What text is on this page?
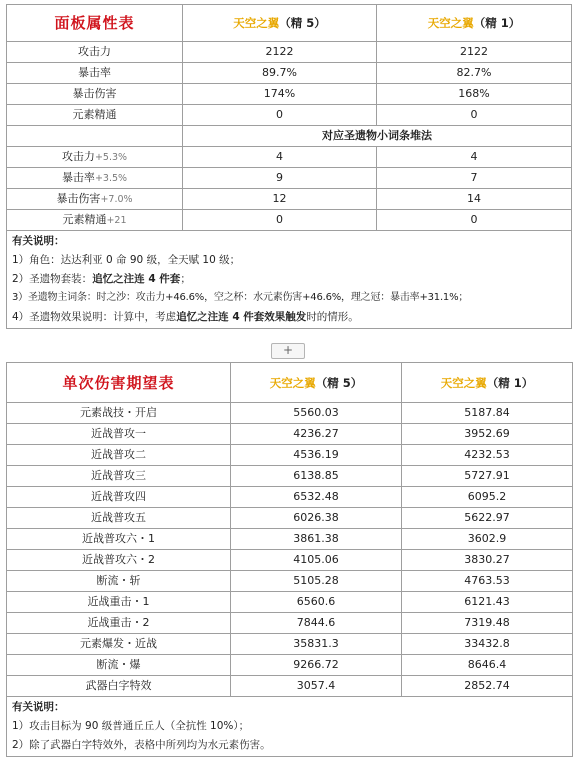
面板属性表	天空之翼（精 5）	天空之翼（精 1）
攻击力	2122	2122
暴击率	89.7%	82.7%
暴击伤害	174%	168%
元素精通	0	0
	对应圣遗物小词条堆法	
攻击力+5.3%	4	4
暴击率+3.5%	9	7
暴击伤害+7.0%	12	14
元素精通+21	0	0

有关说明：
1）角色：达达利亚 0 命 90 级，全天赋 10 级；
2）圣遗物套装：追忆之注连 4 件套；
3）圣遗物主词条：时之沙：攻击力+46.6%，空之杯：水元素伤害+46.6%，理之冠：暴击率+31.1%；
4）圣遗物效果说明：计算中，考虑追忆之注连 4 件套效果触发时的情形。		
+
单次伤害期望表	天空之翼（精 5）	天空之翼（精 1）
元素战技・开启	5560.03	5187.84
近战普攻一	4236.27	3952.69
近战普攻二	4536.19	4232.53
近战普攻三	6138.85	5727.91
近战普攻四	6532.48	6095.2
近战普攻五	6026.38	5622.97
近战普攻六・1	3861.38	3602.9
近战普攻六・2	4105.06	3830.27
断流・斩	5105.28	4763.53
近战重击・1	6560.6	6121.43
近战重击・2	7844.6	7319.48
元素爆发・近战	35831.3	33432.8
断流・爆	9266.72	8646.4
武器白字特效	3057.4	2852.74

有关说明：
1）攻击目标为 90 级普通丘丘人（全抗性 10%）；
2）除了武器白字特效外，表格中所列均为水元素伤害。		
